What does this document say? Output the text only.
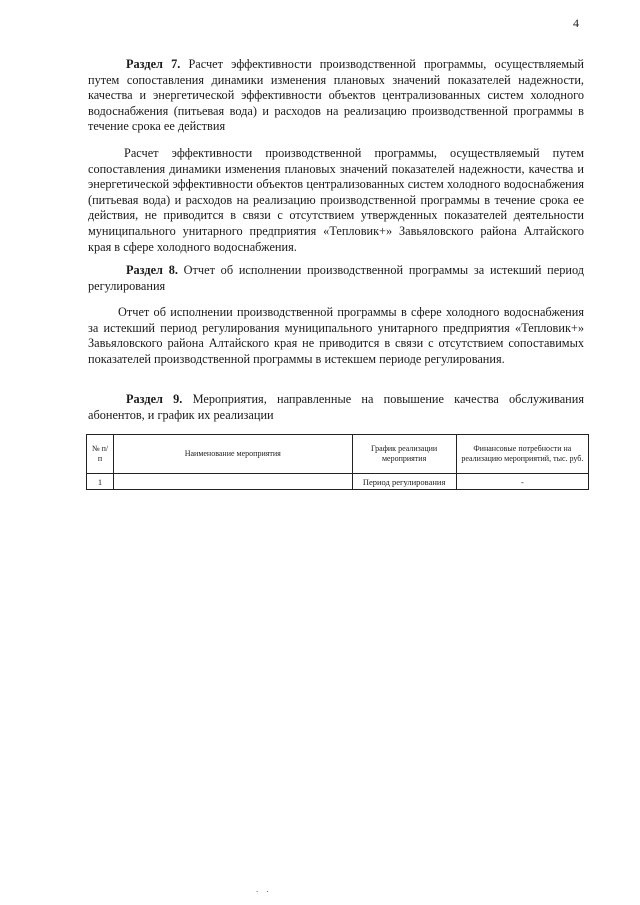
4
Раздел 7. Расчет эффективности производственной программы, осуществляемый путем сопоставления динамики изменения плановых значений показателей надежности, качества и энергетической эффективности объектов централизованных систем холодного водоснабжения (питьевая вода) и расходов на реализацию производственной программы в течение срока ее действия
Расчет эффективности производственной программы, осуществляемый путем сопоставления динамики изменения плановых значений показателей надежности, качества и энергетической эффективности объектов централизованных систем холодного водоснабжения (питьевая вода) и расходов на реализацию производственной программы в течение срока ее действия, не приводится в связи с отсутствием утвержденных показателей деятельности муниципального унитарного предприятия «Тепловик+» Завьяловского района Алтайского края в сфере холодного водоснабжения.
Раздел 8. Отчет об исполнении производственной программы за истекший период регулирования
Отчет об исполнении производственной программы в сфере холодного водоснабжения за истекший период регулирования муниципального унитарного предприятия «Тепловик+» Завьяловского района Алтайского края не приводится в связи с отсутствием сопоставимых показателей производственной программы в истекшем периоде регулирования.
Раздел 9. Мероприятия, направленные на повышение качества обслуживания абонентов, и график их реализации
№ п/п	Наименование мероприятия	График реализации мероприятия	Финансовые потребности на реализацию мероприятий, тыс. руб.
1		Период регулирования	-
. .
